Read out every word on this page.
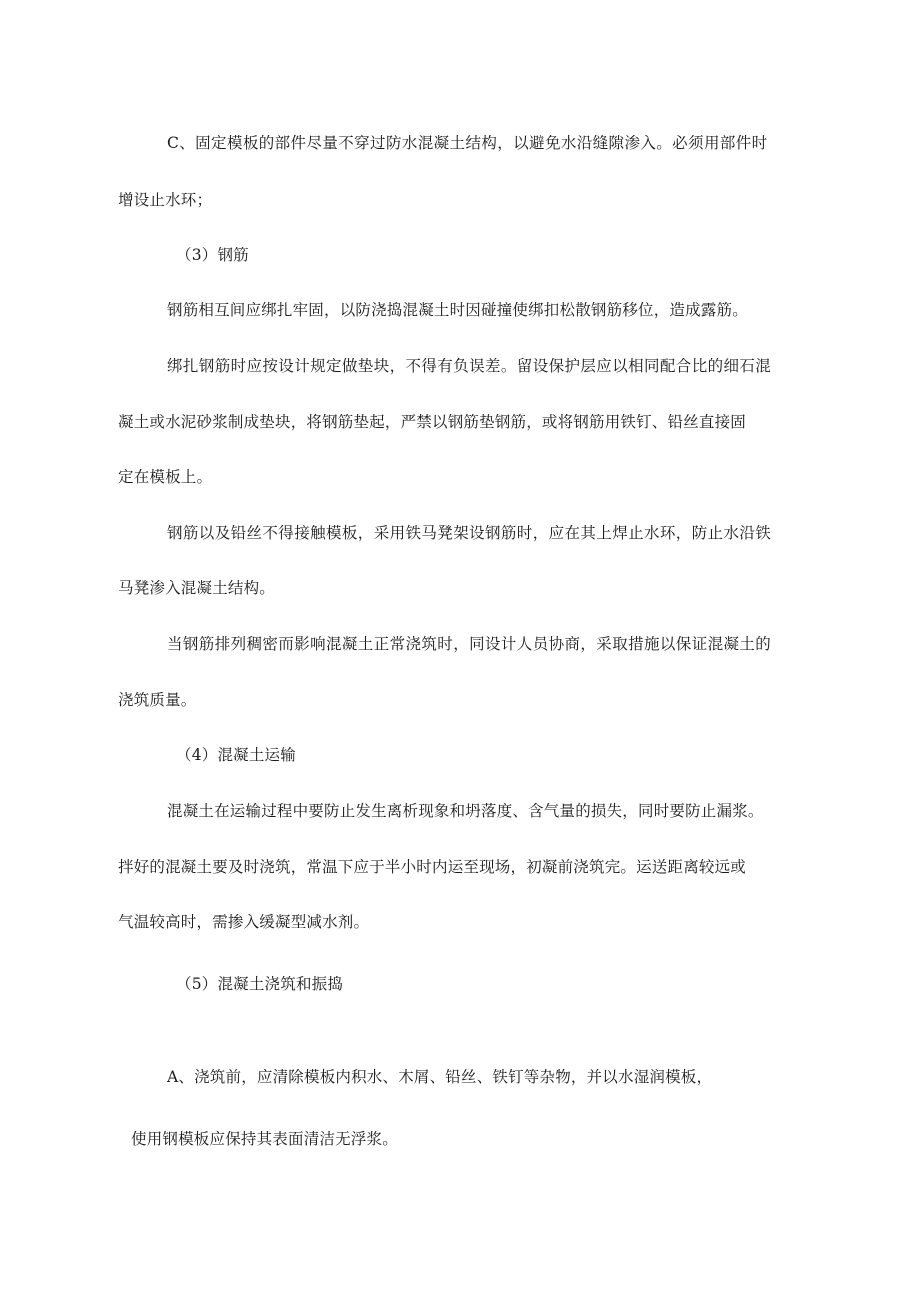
C、固定模板的部件尽量不穿过防水混凝土结构，以避免水沿缝隙渗入。必须用部件时
增设止水环；
（3）钢筋
钢筋相互间应绑扎牢固，以防浇捣混凝土时因碰撞使绑扣松散钢筋移位，造成露筋。
绑扎钢筋时应按设计规定做垫块，不得有负误差。留设保护层应以相同配合比的细石混
凝土或水泥砂浆制成垫块，将钢筋垫起，严禁以钢筋垫钢筋，或将钢筋用铁钉、铅丝直接固
定在模板上。
钢筋以及铅丝不得接触模板，采用铁马凳架设钢筋时，应在其上焊止水环，防止水沿铁
马凳渗入混凝土结构。
当钢筋排列稠密而影响混凝土正常浇筑时，同设计人员协商，采取措施以保证混凝土的
浇筑质量。
（4）混凝土运输
混凝土在运输过程中要防止发生离析现象和坍落度、含气量的损失，同时要防止漏浆。
拌好的混凝土要及时浇筑，常温下应于半小时内运至现场，初凝前浇筑完。运送距离较远或
气温较高时，需掺入缓凝型减水剂。
（5）混凝土浇筑和振捣
A、浇筑前，应清除模板内积水、木屑、铅丝、铁钉等杂物，并以水湿润模板，
使用钢模板应保持其表面清洁无浮浆。
